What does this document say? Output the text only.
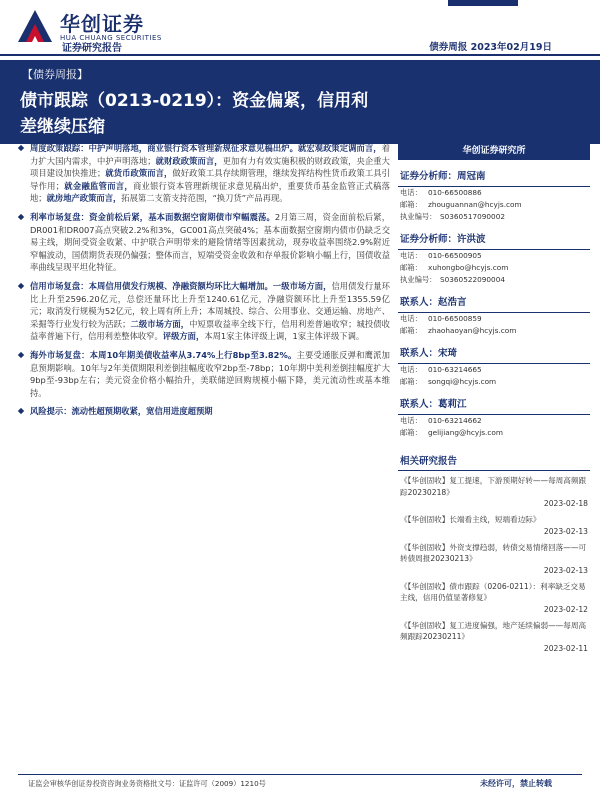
华创证券
HUA CHUANG SECURITIES
证券研究报告	债券周报 2023年02月19日
【债券周报】
债市跟踪（0213-0219）：资金偏紧，信用利
差继续压缩
周度政策跟踪：中护声明落地，商业银行资本管理新规征求意见稿出炉。就宏观政策定调而言，着力扩大国内需求，中护声明落地；就财政政策而言，更加有力有效实施积极的财政政策，央企重大项目建设加快推进；就货币政策而言，做好政策工具存续期管理，继续发挥结构性货币政策工具引导作用；就金融监管而言，商业银行资本管理新规征求意见稿出炉，重要货币基金监管正式稿落地；就房地产政策而言，拓展第二支箭支持范围，“换刀货”产品再现。
利率市场复盘：资金前松后紧，基本面数据空窗期债市窄幅震荡。2月第三周，资金面前松后紧，DR001和DR007高点突破2.2%和3%，GC001高点突破4%；基本面数据空窗期内债市仍缺乏交易主线，期间受资金收紧、中护联合声明带来的避险情绪等因素扰动，现券收益率围绕2.9%附近窄幅波动，国债期货表现仍偏强；整体而言，短端受资金收敛和存单报价影响小幅上行，国债收益率曲线呈现平坦化特征。
信用市场复盘：本周信用债发行规模、净融资额均环比大幅增加。一级市场方面，信用债发行量环比上升至2596.20亿元，总偿还量环比上升至1240.61亿元，净融资额环比上升至1355.59亿元；取消发行规模为52亿元，较上周有所上升；本周城投、综合、公用事业、交通运输、房地产、采掘等行业发行较为活跃；二级市场方面，中短票收益率全线下行，信用利差普遍收窄；城投债收益率普遍下行，信用利差整体收窄。评级方面，本周1家主体评级上调，1家主体评级下调。
海外市场复盘：本周10年期美债收益率从3.74%上行8bp至3.82%。主要受通胀反弹和鹰派加息预期影响。10年与2年美债期限利差倒挂幅度收窄2bp至-78bp；10年期中美利差倒挂幅度扩大9bp至-93bp左右；美元资金价格小幅抬升，美联储逆回购规模小幅下降，美元流动性或基本维持。
风险提示：流动性超预期收紧，宽信用进度超预期
华创证券研究所
证券分析师：周冠南
电话： 010-66500886
邮箱： zhouguannan@hcyjs.com
执业编号： S0360517090002
证券分析师：许洪波
电话： 010-66500905
邮箱： xuhongbo@hcyjs.com
执业编号： S0360522090004
联系人：赵浩言
电话： 010-66500859
邮箱： zhaohaoyan@hcyjs.com
联系人：宋琦
电话： 010-63214665
邮箱： songqi@hcyjs.com
联系人：葛莉江
电话： 010-63214662
邮箱： gelijiang@hcyjs.com
相关研究报告
《【华创固收】复工提速，下游预期好转——每周高频跟踪20230218》
2023-02-18
《【华创固收】长端看主线，短端看边际》
2023-02-13
《【华创固收】外资支撑趋弱，转债交易情绪回落——可转债周报20230213》
2023-02-13
《【华创固收】债市跟踪（0206-0211）：利率缺乏交易主线，信用仍值显著修复》
2023-02-12
《【华创固收】复工进度偏强，地产延续偏弱——每周高频跟踪20230211》
2023-02-11
证监会审核华创证券投资咨询业务资格批文号：证监许可（2009）1210号	未经许可，禁止转载
